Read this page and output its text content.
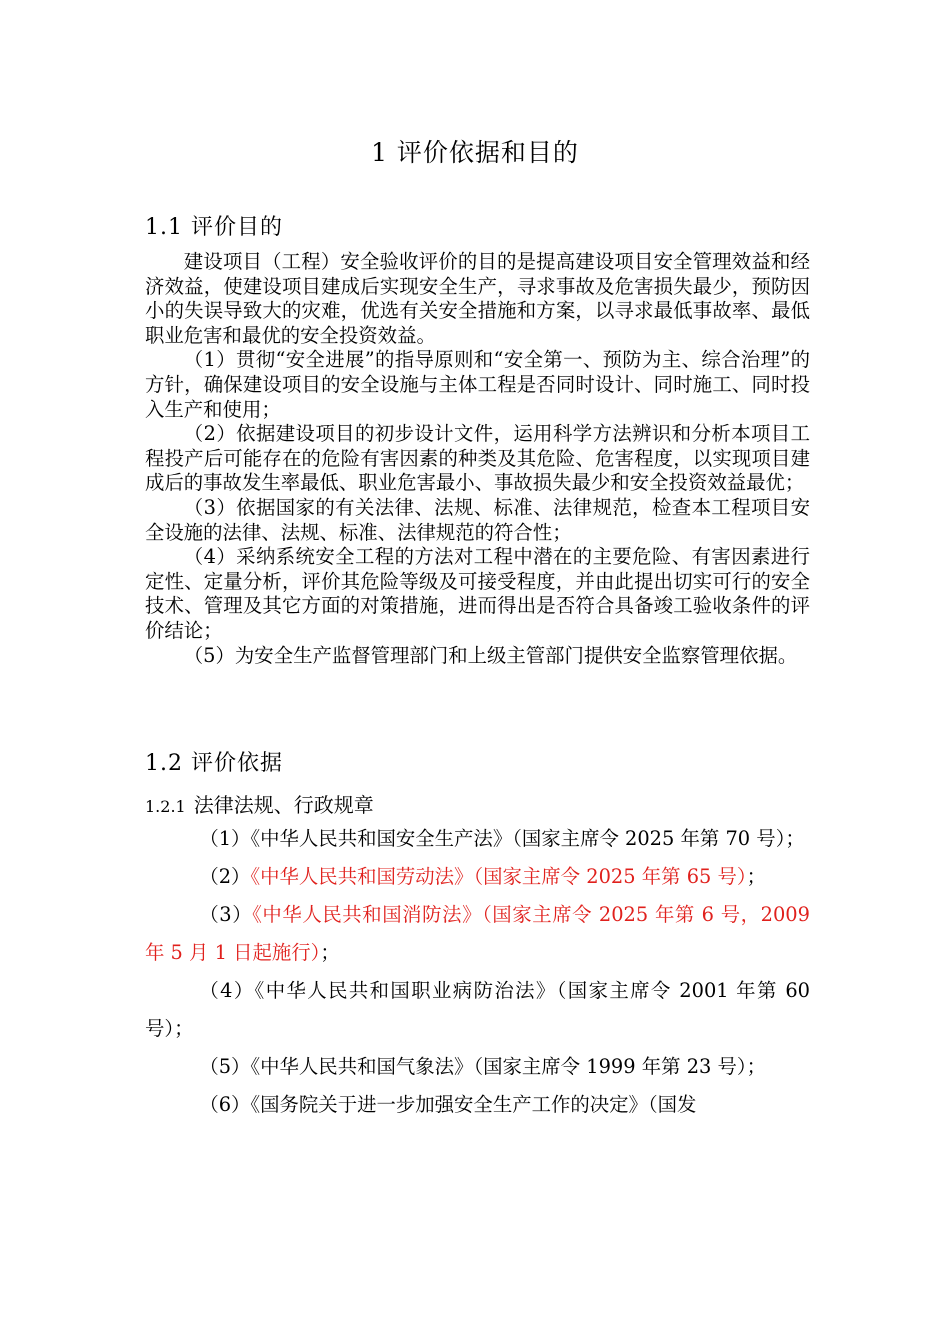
1 评价依据和目的
1.1 评价目的

建设项目（工程）安全验收评价的目的是提高建设项目安全管理效益和经济效益，使建设项目建成后实现安全生产，寻求事故及危害损失最少，预防因小的失误导致大的灾难，优选有关安全措施和方案，以寻求最低事故率、最低职业危害和最优的安全投资效益。

（1）贯彻“安全进展”的指导原则和“安全第一、预防为主、综合治理”的方针，确保建设项目的安全设施与主体工程是否同时设计、同时施工、同时投入生产和使用；

（2）依据建设项目的初步设计文件，运用科学方法辨识和分析本项目工程投产后可能存在的危险有害因素的种类及其危险、危害程度，以实现项目建成后的事故发生率最低、职业危害最小、事故损失最少和安全投资效益最优；

（3）依据国家的有关法律、法规、标准、法律规范，检查本工程项目安全设施的法律、法规、标准、法律规范的符合性；

（4）采纳系统安全工程的方法对工程中潜在的主要危险、有害因素进行定性、定量分析，评价其危险等级及可接受程度，并由此提出切实可行的安全技术、管理及其它方面的对策措施，进而得出是否符合具备竣工验收条件的评价结论；

（5）为安全生产监督管理部门和上级主管部门提供安全监察管理依据。

1.2 评价依据
1.2.1 法律法规、行政规章

（1）《中华人民共和国安全生产法》（国家主席令 2025 年第 70 号）；

（2）《中华人民共和国劳动法》（国家主席令 2025 年第 65 号）；

（3）《中华人民共和国消防法》（国家主席令 2025 年第 6 号，2009 年 5 月 1 日起施行）；

（4）《中华人民共和国职业病防治法》（国家主席令 2001 年第 60 号）；

（5）《中华人民共和国气象法》（国家主席令 1999 年第 23 号）；

（6）《国务院关于进一步加强安全生产工作的决定》（国发
